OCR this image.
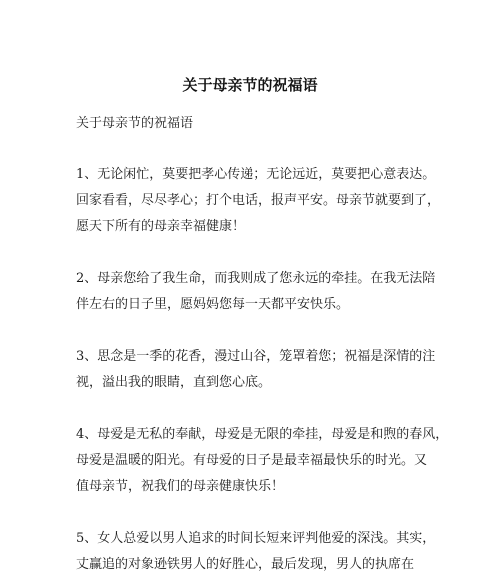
关于母亲节的祝福语
关于母亲节的祝福语
1、无论闲忙，莫要把孝心传递；无论远近，莫要把心意表达。
回家看看，尽尽孝心；打个电话，报声平安。母亲节就要到了，
愿天下所有的母亲幸福健康！
2、母亲您给了我生命，而我则成了您永远的牵挂。在我无法陪
伴左右的日子里，愿妈妈您每一天都平安快乐。
3、思念是一季的花香，漫过山谷，笼罩着您；祝福是深情的注
视，溢出我的眼睛，直到您心底。
4、母爱是无私的奉献，母爱是无限的牵挂，母爱是和煦的春风，
母爱是温暖的阳光。有母爱的日子是最幸福最快乐的时光。又
值母亲节，祝我们的母亲健康快乐！
5、女人总爱以男人追求的时间长短来评判他爱的深浅。其实，
丈赢追的对象逊铁男人的好胜心，最后发现，男人的执席在
